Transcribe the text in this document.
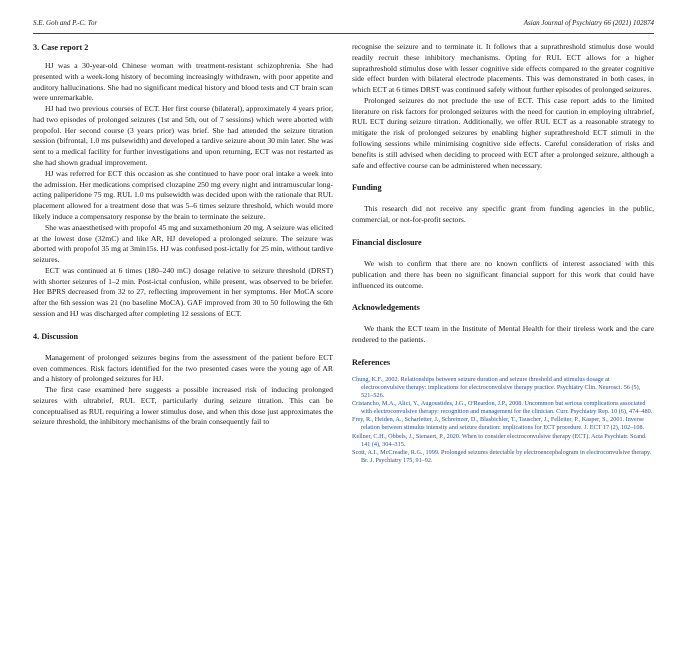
S.E. Goh and P.-C. Tor	Asian Journal of Psychiatry 66 (2021) 102874
3. Case report 2

HJ was a 30-year-old Chinese woman with treatment-resistant schizophrenia. She had presented with a week-long history of becoming increasingly withdrawn, with poor appetite and auditory hallucinations. She had no significant medical history and blood tests and CT brain scan were unremarkable.

HJ had two previous courses of ECT. Her first course (bilateral), approximately 4 years prior, had two episodes of prolonged seizures (1st and 5th, out of 7 sessions) which were aborted with propofol. Her second course (3 years prior) was brief. She had attended the seizure titration session (bifrontal, 1.0 ms pulsewidth) and developed a tardive seizure about 30 min later. She was sent to a medical facility for further investigations and upon returning, ECT was not restarted as she had shown gradual improvement.

HJ was referred for ECT this occasion as she continued to have poor oral intake a week into the admission. Her medications comprised clozapine 250 mg every night and intramuscular long-acting paliperidone 75 mg. RUL 1.0 ms pulsewidth was decided upon with the rationale that RUL placement allowed for a treatment dose that was 5–6 times seizure threshold, which would more likely induce a compensatory response by the brain to terminate the seizure.

She was anaesthetised with propofol 45 mg and suxamethonium 20 mg. A seizure was elicited at the lowest dose (32mC) and like AR, HJ developed a prolonged seizure. The seizure was aborted with propofol 35 mg at 3min15s. HJ was confused post-ictally for 25 min, without tardive seizures.

ECT was continued at 6 times (180–240 mC) dosage relative to seizure threshold (DRST) with shorter seizures of 1–2 min. Post-ictal confusion, while present, was observed to be briefer. Her BPRS decreased from 32 to 27, reflecting improvement in her symptoms. Her MoCA score after the 6th session was 21 (no baseline MoCA). GAF improved from 30 to 50 following the 6th session and HJ was discharged after completing 12 sessions of ECT.

4. Discussion

Management of prolonged seizures begins from the assessment of the patient before ECT even commences. Risk factors identified for the two presented cases were the young age of AR and a history of prolonged seizures for HJ.

The first case examined here suggests a possible increased risk of inducing prolonged seizures with ultrabrief, RUL ECT, particularly during seizure titration. This can be conceptualised as RUL requiring a lower stimulus dose, and when this dose just approximates the seizure threshold, the inhibitory mechanisms of the brain consequently fail to

recognise the seizure and to terminate it. It follows that a suprathreshold stimulus dose would readily recruit these inhibitory mechanisms. Opting for RUL ECT allows for a higher suprathreshold stimulus dose with lesser cognitive side effects compared to the greater cognitive side effect burden with bilateral electrode placements. This was demonstrated in both cases, in which ECT at 6 times DRST was continued safely without further episodes of prolonged seizures.

Prolonged seizures do not preclude the use of ECT. This case report adds to the limited literature on risk factors for prolonged seizures with the need for caution in employing ultrabrief, RUL ECT during seizure titration. Additionally, we offer RUL ECT as a reasonable strategy to mitigate the risk of prolonged seizures by enabling higher suprathreshold ECT stimuli in the following sessions while minimising cognitive side effects. Careful consideration of risks and benefits is still advised when deciding to proceed with ECT after a prolonged seizure, although a safe and effective course can be administered when necessary.

Funding

This research did not receive any specific grant from funding agencies in the public, commercial, or not-for-profit sectors.

Financial disclosure

We wish to confirm that there are no known conflicts of interest associated with this publication and there has been no significant financial support for this work that could have influenced its outcome.

Acknowledgements

We thank the ECT team in the Institute of Mental Health for their tireless work and the care rendered to the patients.

References
Chung, K.F., 2002. Relationships between seizure duration and seizure threshold and stimulus dosage at electroconvulsive therapy: implications for electroconvulsive therapy practice. Psychiatry Clin. Neurosci. 56 (5), 521–526.
Cristancho, M.A., Alici, Y., Augoustides, J.G., O'Reardon, J.P., 2008. Uncommon but serious complications associated with electroconvulsive therapy: recognition and management for the clinician. Curr. Psychiatry Rep. 10 (6), 474–480.
Frey, R., Heiden, A., Scharfetter, J., Schreinzer, D., Blasbichler, T., Tauscher, J., Felleiter, P., Kasper, S., 2001. Inverse relation between stimulus intensity and seizure duration: implications for ECT procedure. J. ECT 17 (2), 102–108.
Kellner, C.H., Obbels, J., Sienaert, P., 2020. When to consider electroconvulsive therapy (ECT). Acta Psychiatr. Scand. 141 (4), 304–315.
Scott, A.I., McCreadie, R.G., 1999. Prolonged seizures detectable by electroencephalogram in electroconvulsive therapy. Br. J. Psychiatry 175, 91–92.
